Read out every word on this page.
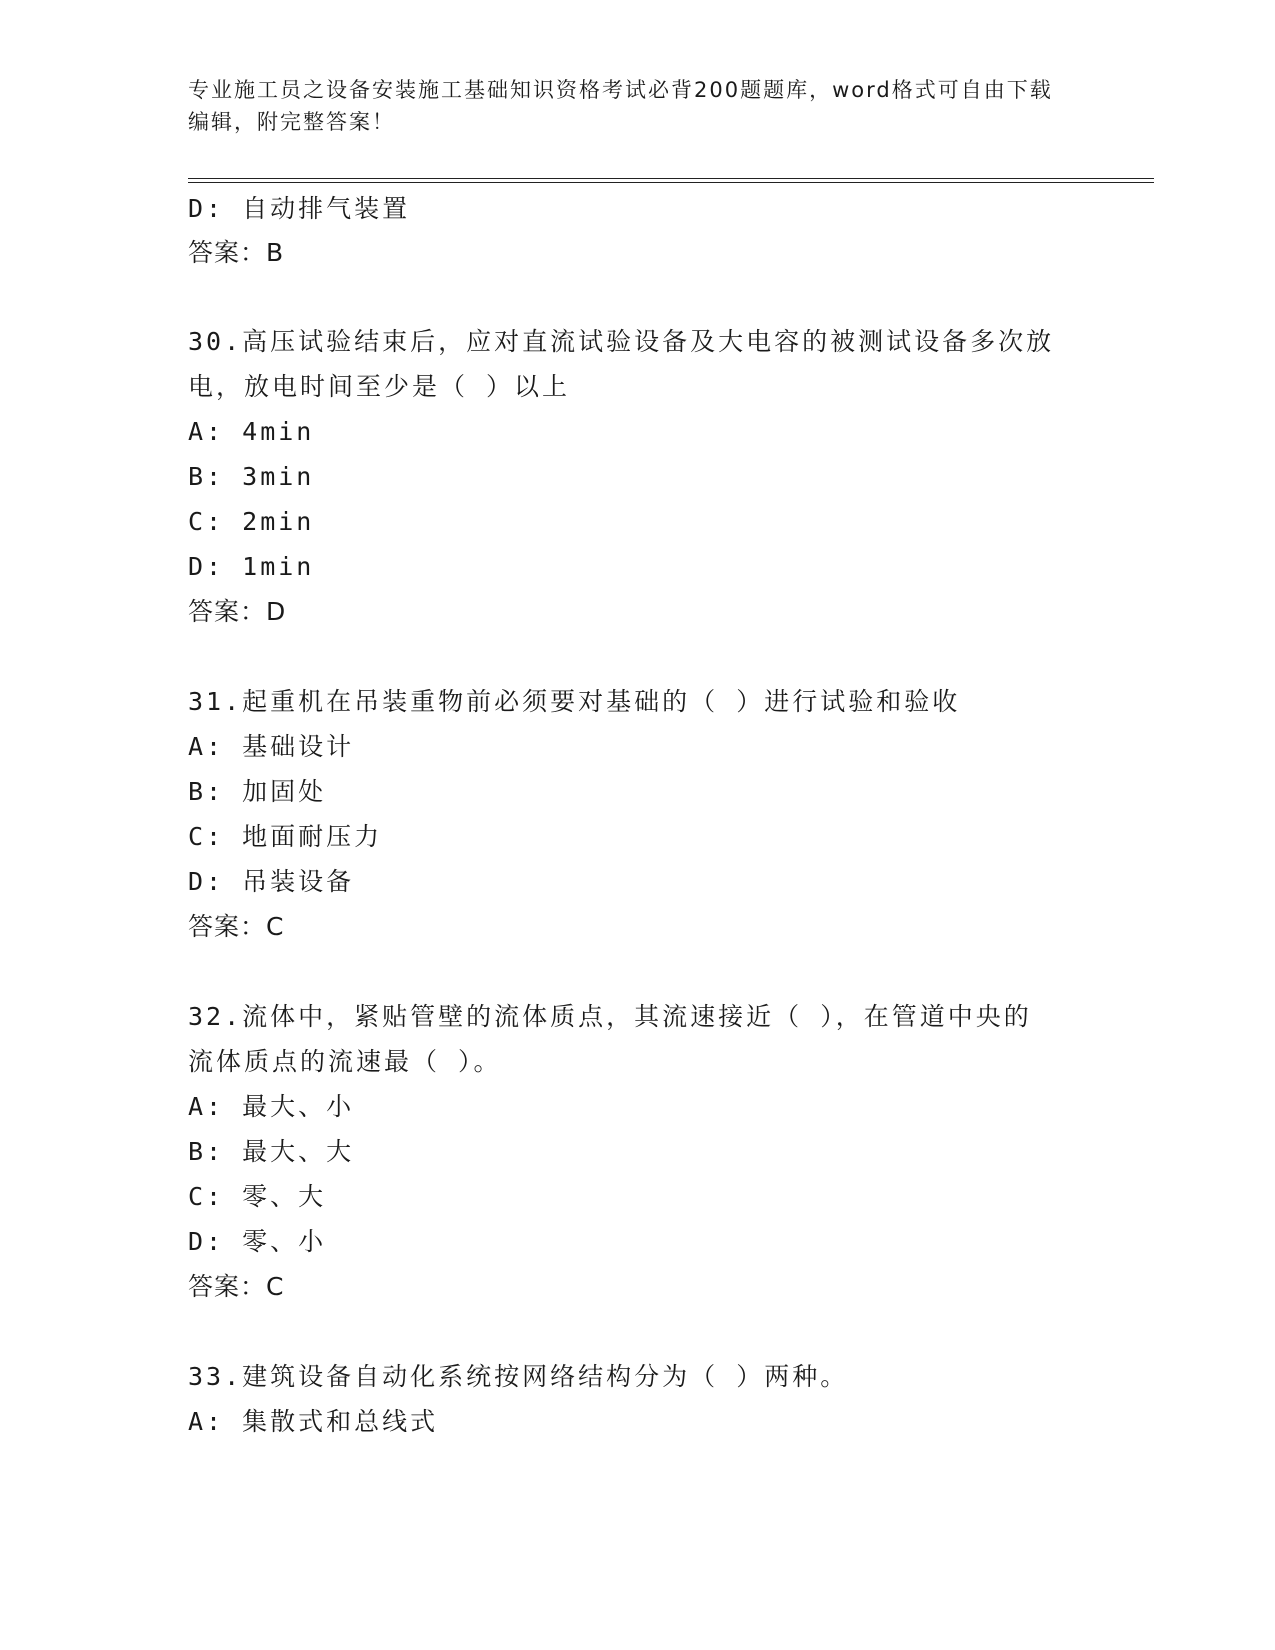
专业施工员之设备安装施工基础知识资格考试必背200题题库，word格式可自由下载编辑，附完整答案！
D: 自动排气装置
答案：B
30.高压试验结束后，应对直流试验设备及大电容的被测试设备多次放
电，放电时间至少是（ ）以上
A: 4min
B: 3min
C: 2min
D: 1min
答案：D
31.起重机在吊装重物前必须要对基础的（ ）进行试验和验收
A: 基础设计
B: 加固处
C: 地面耐压力
D: 吊装设备
答案：C
32.流体中，紧贴管壁的流体质点，其流速接近（ ），在管道中央的
流体质点的流速最（ ）。
A: 最大、小
B: 最大、大
C: 零、大
D: 零、小
答案：C
33.建筑设备自动化系统按网络结构分为（ ）两种。
A: 集散式和总线式
